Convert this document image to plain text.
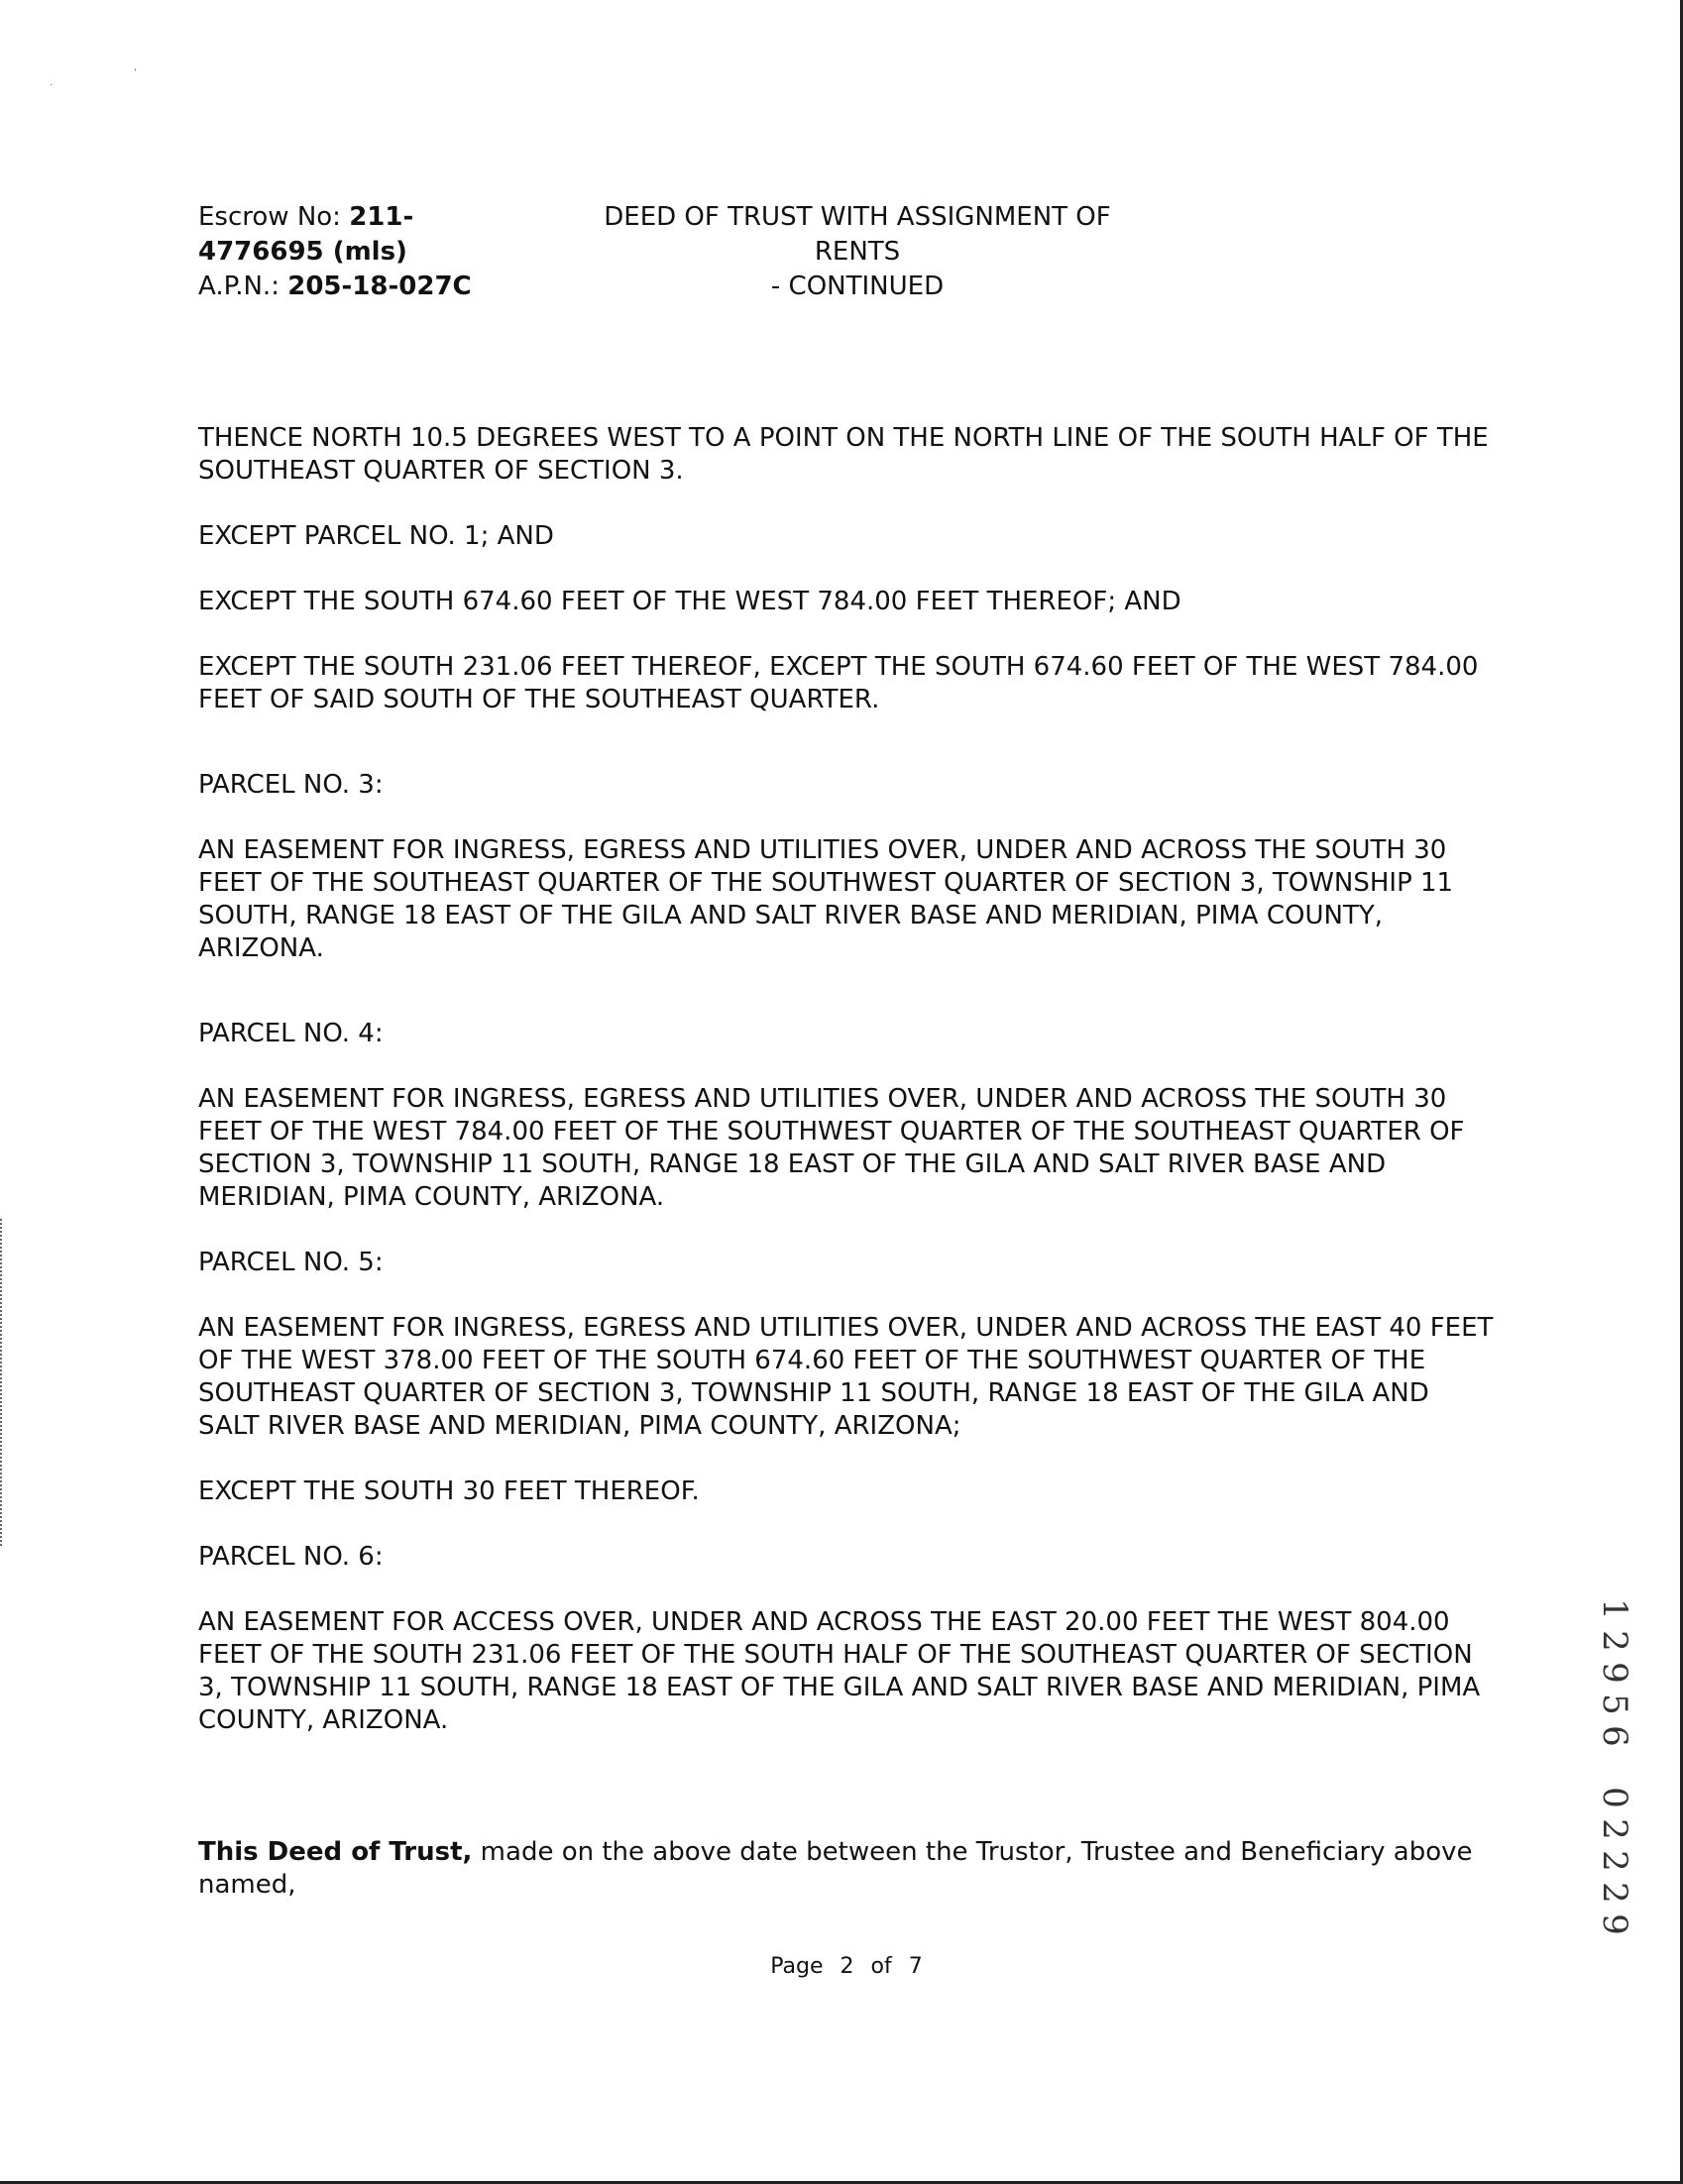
.
'
Escrow No: 211-
4776695 (mls)
A.P.N.: 205-18-027C
DEED OF TRUST WITH ASSIGNMENT OF RENTS
- CONTINUED

THENCE NORTH 10.5 DEGREES WEST TO A POINT ON THE NORTH LINE OF THE SOUTH HALF OF THE SOUTHEAST QUARTER OF SECTION 3.

EXCEPT PARCEL NO. 1; AND

EXCEPT THE SOUTH 674.60 FEET OF THE WEST 784.00 FEET THEREOF; AND

EXCEPT THE SOUTH 231.06 FEET THEREOF, EXCEPT THE SOUTH 674.60 FEET OF THE WEST 784.00 FEET OF SAID SOUTH OF THE SOUTHEAST QUARTER.

PARCEL NO. 3:

AN EASEMENT FOR INGRESS, EGRESS AND UTILITIES OVER, UNDER AND ACROSS THE SOUTH 30 FEET OF THE SOUTHEAST QUARTER OF THE SOUTHWEST QUARTER OF SECTION 3, TOWNSHIP 11 SOUTH, RANGE 18 EAST OF THE GILA AND SALT RIVER BASE AND MERIDIAN, PIMA COUNTY, ARIZONA.

PARCEL NO. 4:

AN EASEMENT FOR INGRESS, EGRESS AND UTILITIES OVER, UNDER AND ACROSS THE SOUTH 30 FEET OF THE WEST 784.00 FEET OF THE SOUTHWEST QUARTER OF THE SOUTHEAST QUARTER OF SECTION 3, TOWNSHIP 11 SOUTH, RANGE 18 EAST OF THE GILA AND SALT RIVER BASE AND MERIDIAN, PIMA COUNTY, ARIZONA.

PARCEL NO. 5:

AN EASEMENT FOR INGRESS, EGRESS AND UTILITIES OVER, UNDER AND ACROSS THE EAST 40 FEET OF THE WEST 378.00 FEET OF THE SOUTH 674.60 FEET OF THE SOUTHWEST QUARTER OF THE SOUTHEAST QUARTER OF SECTION 3, TOWNSHIP 11 SOUTH, RANGE 18 EAST OF THE GILA AND SALT RIVER BASE AND MERIDIAN, PIMA COUNTY, ARIZONA;

EXCEPT THE SOUTH 30 FEET THEREOF.

PARCEL NO. 6:

AN EASEMENT FOR ACCESS OVER, UNDER AND ACROSS THE EAST 20.00 FEET THE WEST 804.00 FEET OF THE SOUTH 231.06 FEET OF THE SOUTH HALF OF THE SOUTHEAST QUARTER OF SECTION 3, TOWNSHIP 11 SOUTH, RANGE 18 EAST OF THE GILA AND SALT RIVER BASE AND MERIDIAN, PIMA COUNTY, ARIZONA.

This Deed of Trust, made on the above date between the Trustor, Trustee and Beneficiary above named,

Page 2 of 7
1
2
9
5
6
0
2
2
2
9
